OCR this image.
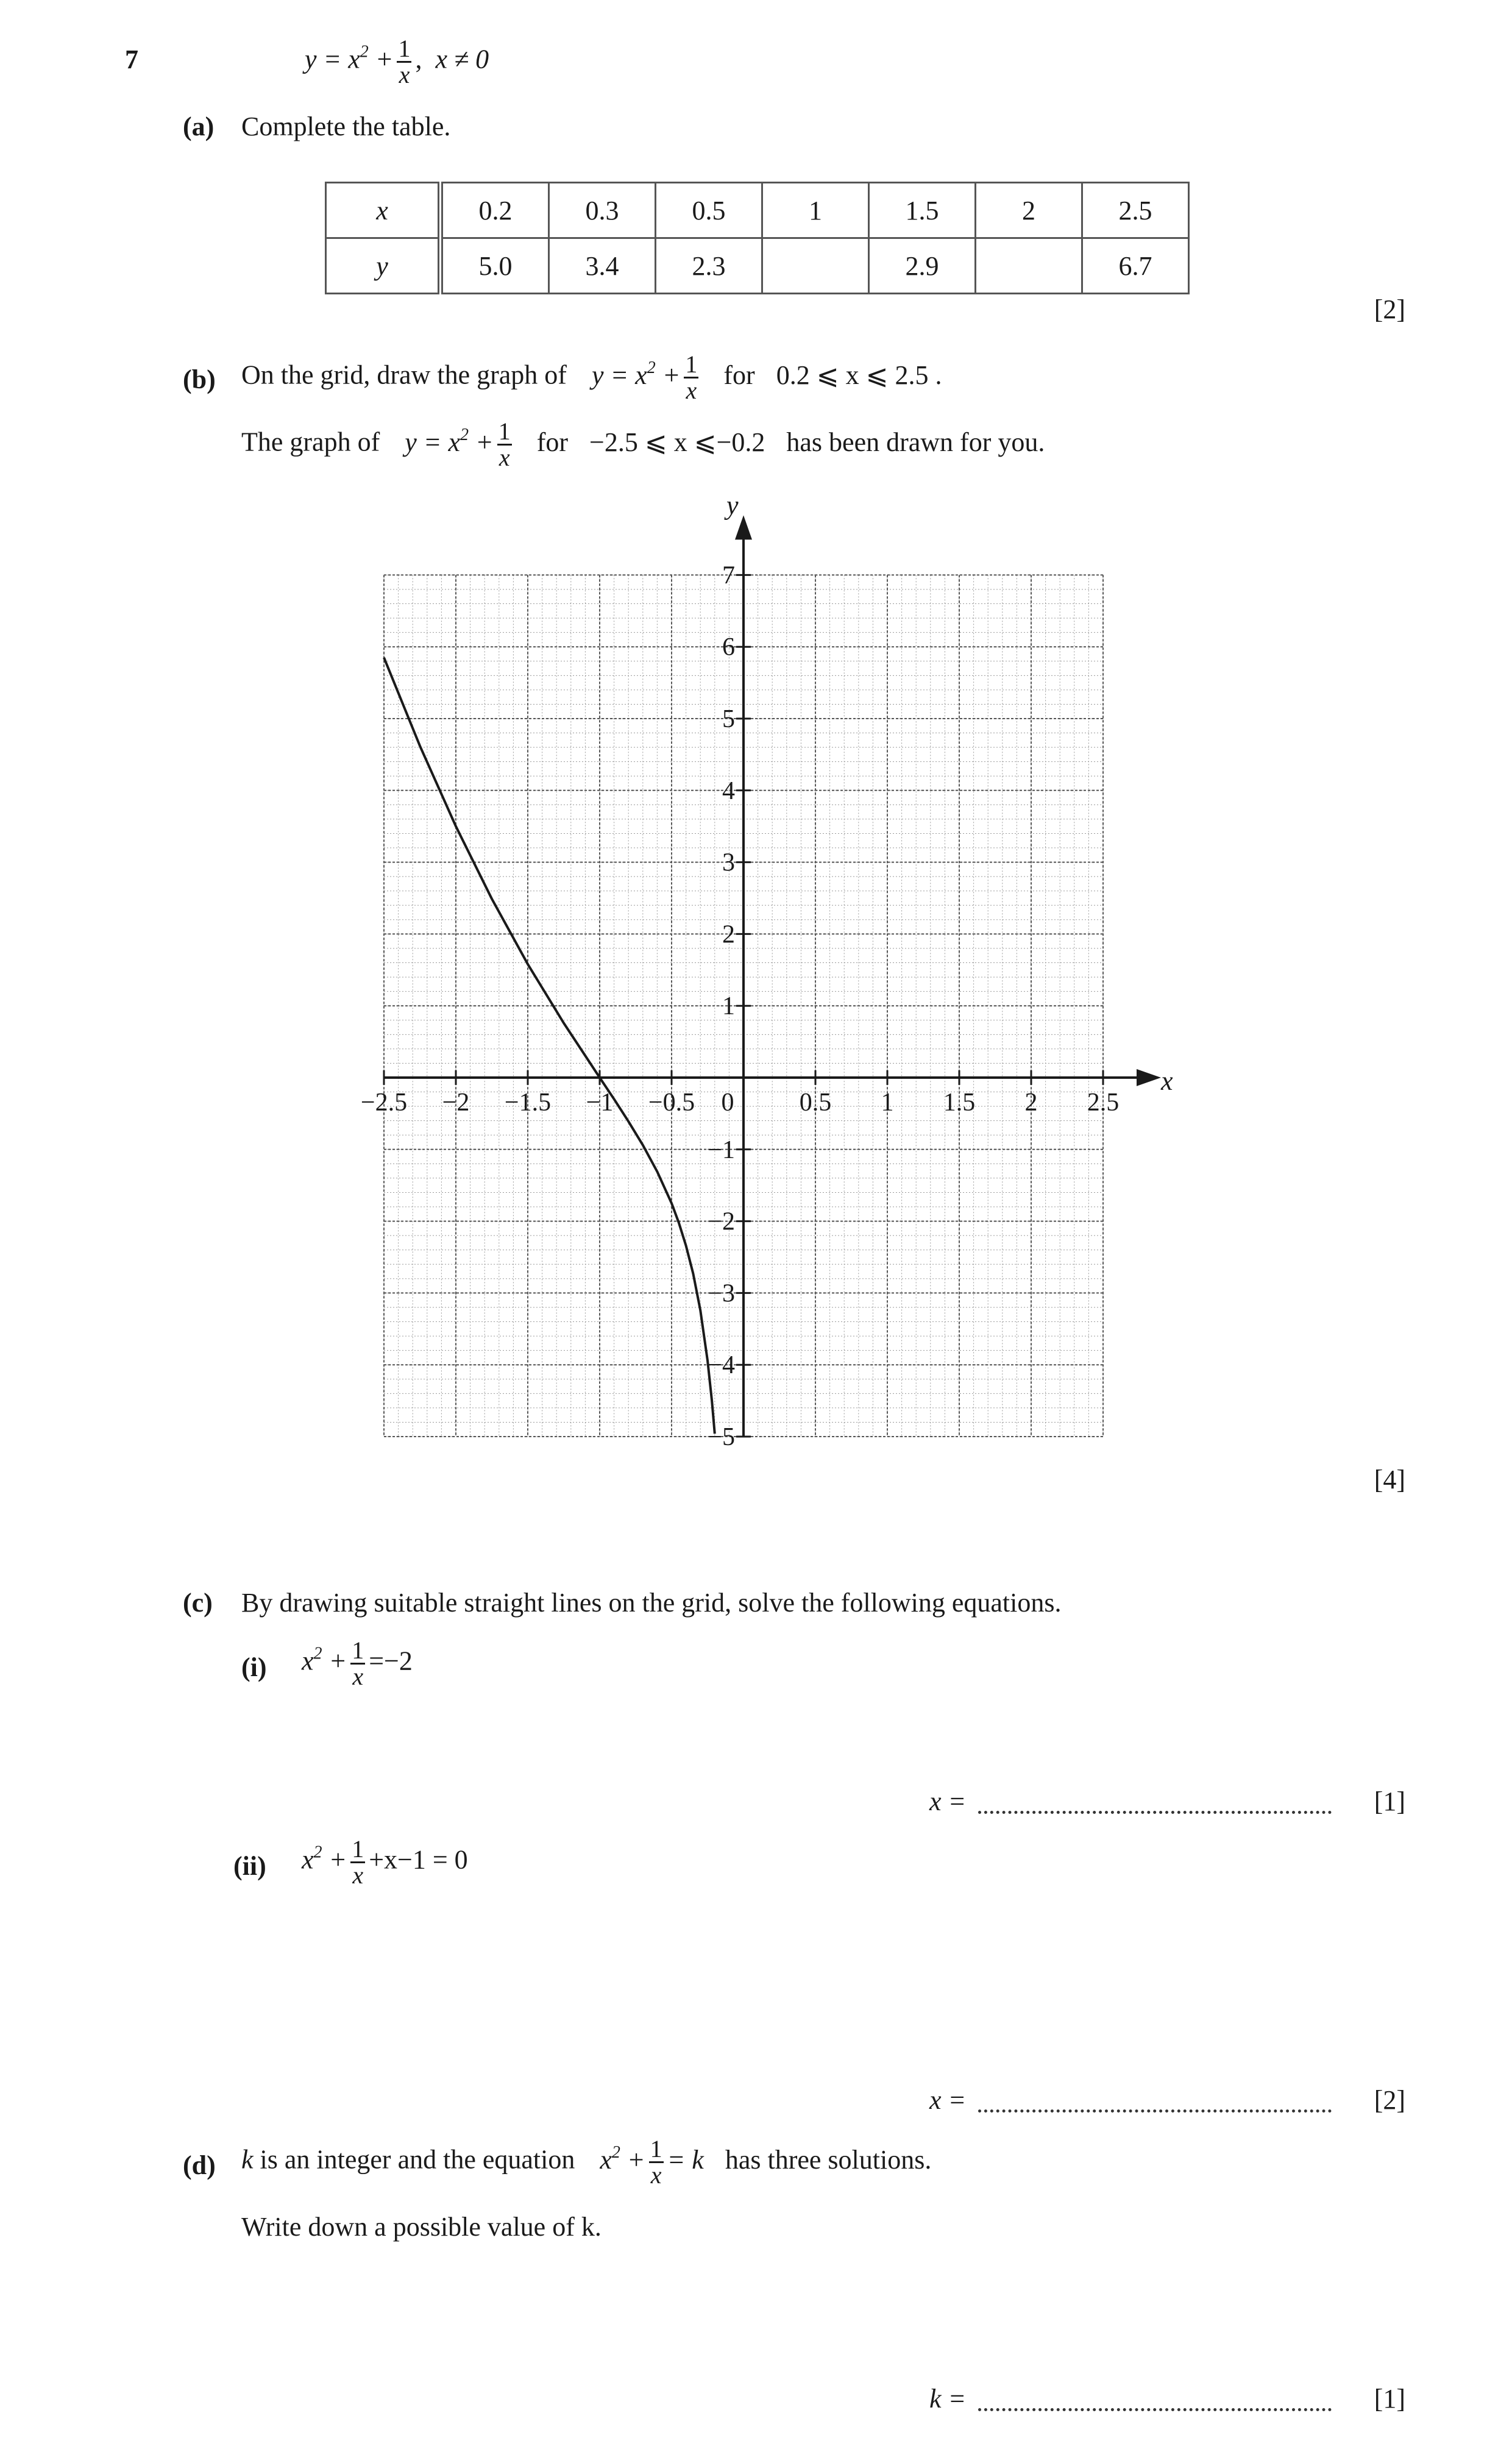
7	$y = x^2 + \frac{1}{x}$ ,  x ≠ 0
(a) Complete the table.
x	0.2	0.3	0.5	1	1.5	2	2.5
y	5.0	3.4	2.3		2.9		6.7
[2]
(b) On the grid, draw the graph of $y = x^2 + \frac{1}{x}$ for 0.2 ⩽ x ⩽ 2.5 .
The graph of $y = x^2 + \frac{1}{x}$ for −2.5 ⩽ x ⩽−0.2 has been drawn for you.
x
y
−2.5 −2 −1.5 −1 −0.5 0	0.5 1 1.5 2 2.5
7
6
5
4
3
2
1
−1
−2
−3
−4
−5
[4]
(c) By drawing suitable straight lines on the grid, solve the following equations.
(i) $x^2 + \frac{1}{x} =-2$
x =	[1]
(ii) $x^2 + \frac{1}{x} +x-1 = 0$
x =	[2]
(d) k is an integer and the equation $x^2 + \frac{1}{x} = k$ has three solutions.
Write down a possible value of k.
k =	[1]
